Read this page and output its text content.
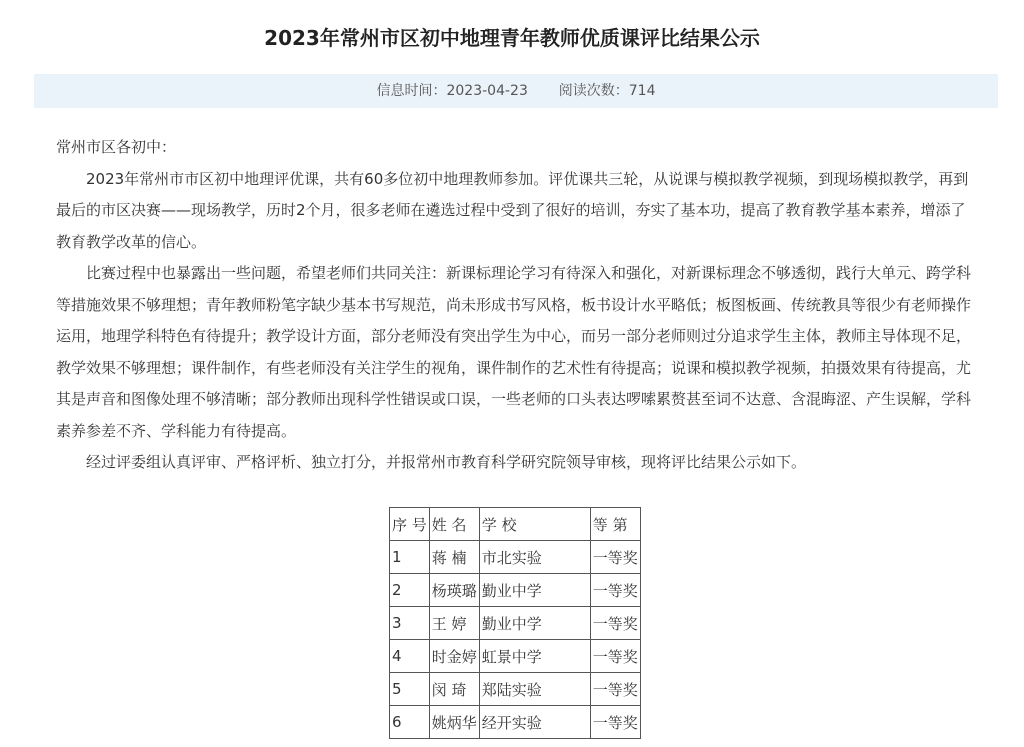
2023年常州市区初中地理青年教师优质课评比结果公示
信息时间：2023-04-23 阅读次数：714

常州市区各初中：

2023年常州市市区初中地理评优课，共有60多位初中地理教师参加。评优课共三轮，从说课与模拟教学视频，到现场模拟教学，再到最后的市区决赛——现场教学，历时2个月，很多老师在遴选过程中受到了很好的培训，夯实了基本功，提高了教育教学基本素养，增添了教育教学改革的信心。

比赛过程中也暴露出一些问题，希望老师们共同关注：新课标理论学习有待深入和强化，对新课标理念不够透彻，践行大单元、跨学科等措施效果不够理想；青年教师粉笔字缺少基本书写规范，尚未形成书写风格，板书设计水平略低；板图板画、传统教具等很少有老师操作运用，地理学科特色有待提升；教学设计方面，部分老师没有突出学生为中心，而另一部分老师则过分追求学生主体，教师主导体现不足，教学效果不够理想；课件制作，有些老师没有关注学生的视角，课件制作的艺术性有待提高；说课和模拟教学视频，拍摄效果有待提高，尤其是声音和图像处理不够清晰；部分教师出现科学性错误或口误，一些老师的口头表达啰嗦累赘甚至词不达意、含混晦涩、产生误解，学科素养参差不齐、学科能力有待提高。

经过评委组认真评审、严格评析、独立打分，并报常州市教育科学研究院领导审核，现将评比结果公示如下。

序 号	姓 名	学 校	等 第
1	蒋 楠	市北实验	一等奖
2	杨瑛璐	勤业中学	一等奖
3	王 婷	勤业中学	一等奖
4	时金婷	虹景中学	一等奖
5	闵 琦	郑陆实验	一等奖
6	姚炳华	经开实验	一等奖
